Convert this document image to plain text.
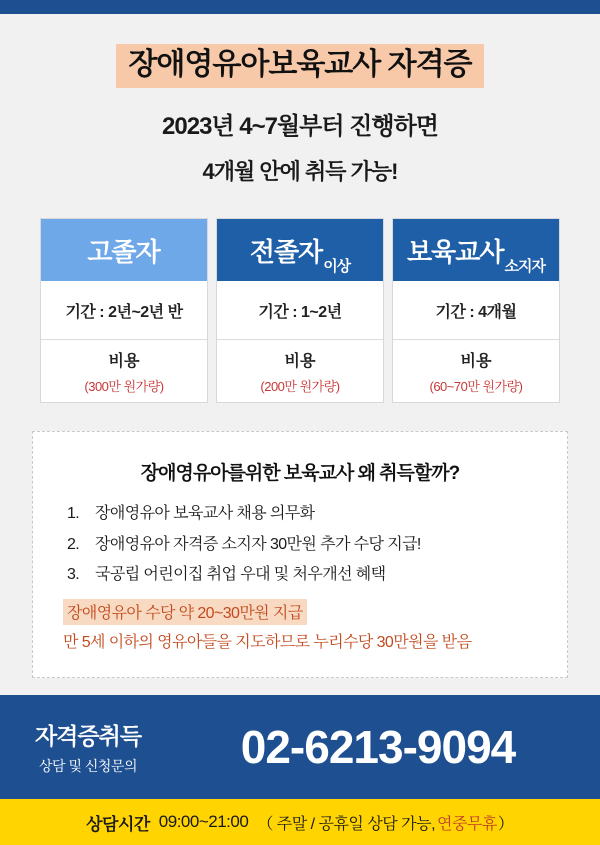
장애영유아보육교사 자격증
2023년 4~7월부터 진행하면
4개월 안에 취득 가능!
고졸자
기간 : 2년~2년 반
비용
(300만 원가량)
전졸자 이상
기간 : 1~2년
비용
(200만 원가량)
보육교사 소지자
기간 : 4개월
비용
(60~70만 원가량)
장애영유아를위한 보육교사 왜 취득할까?
1. 장애영유아 보육교사 채용 의무화
2. 장애영유아 자격증 소지자 30만원 추가 수당 지급!
3. 국공립 어린이집 취업 우대 및 처우개선 혜택
장애영유아 수당 약 20~30만원 지급
만 5세 이하의 영유아들을 지도하므로 누리수당 30만원을 받음
자격증취득
상담 및 신청문의	02-6213-9094
상담시간 09:00~21:00 （ 주말 / 공휴일 상담 가능, 연중무휴 ）
